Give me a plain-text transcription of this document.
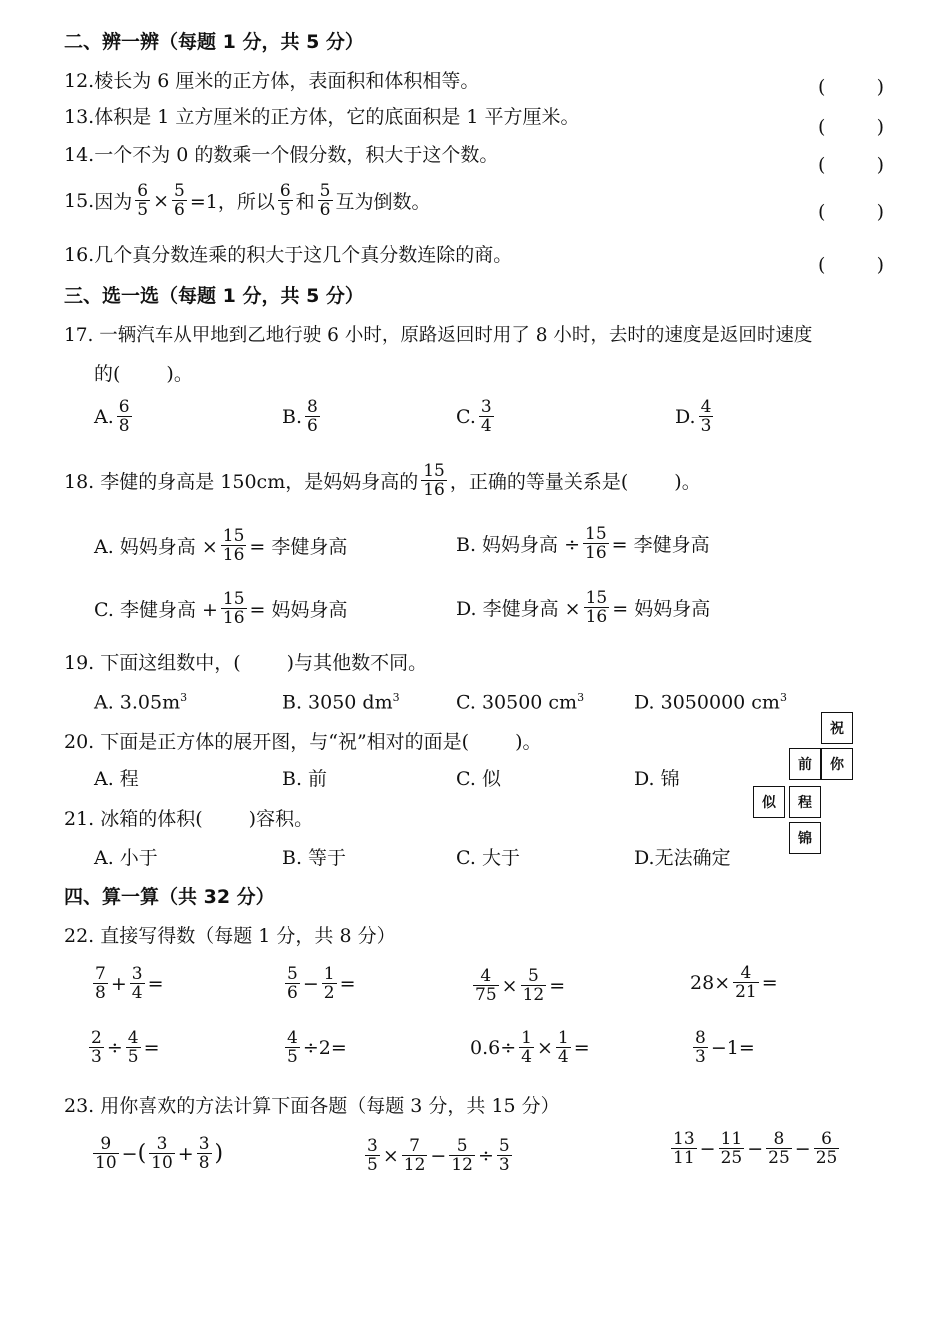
二、辨一辨（每题 1 分，共 5 分）
12.棱长为 6 厘米的正方体，表面积和体积相等。	(	)
13.体积是 1 立方厘米的正方体，它的底面积是 1 平方厘米。	(	)
14.一个不为 0 的数乘一个假分数，积大于这个数。	(	)
15. 因为 $\frac{6}{5} \times \frac{5}{6} =1$，所以 $\frac{6}{5}$ 和 $\frac{5}{6}$ 互为倒数。	(	)
16.几个真分数连乘的积大于这几个真分数连除的商。	(	)
三、选一选（每题 1 分，共 5 分）
17. 一辆汽车从甲地到乙地行驶 6 小时，原路返回时用了 8 小时，去时的速度是返回时速度
的( )。
A. $\frac{6}{8}$	B. $\frac{8}{6}$	C. $\frac{3}{4}$	D. $\frac{4}{3}$
18. 李健的身高是 150cm，是妈妈身高的 $\frac{15}{16}$ ，正确的等量关系是( )。
A. 妈妈身高 × $\frac{15}{16}$ = 李健身高	B. 妈妈身高 ÷ $\frac{15}{16}$ = 李健身高
C. 李健身高 + $\frac{15}{16}$ = 妈妈身高	D. 李健身高 × $\frac{15}{16}$ = 妈妈身高
19. 下面这组数中，( )与其他数不同。
A. $3.05m^3$	B. 3050 $dm^3$	C. 30500 $cm^3$	D. 3050000 $cm^3$
20. 下面是正方体的展开图，与“祝”相对的面是( )。
A. 程	B. 前	C. 似	D. 锦
祝
前	你
似	程
锦
21. 冰箱的体积( )容积。
A. 小于	B. 等于	C. 大于	D.无法确定
四、算一算（共 32 分）
22. 直接写得数（每题 1 分，共 8 分）
$\frac{7}{8} + \frac{3}{4}$ =	$\frac{5}{6} - \frac{1}{2}$ =	$\frac{4}{75} \times \frac{5}{12}$ =	$28 \times \frac{4}{21}$ =
$\frac{2}{3} \div \frac{4}{5}$ =	$\frac{4}{5} \div 2$ =	$0.6 \div \frac{1}{4} \times \frac{1}{4}$ =	$\frac{8}{3} - 1$ =
23. 用你喜欢的方法计算下面各题（每题 3 分，共 15 分）
$\frac{9}{10}$ − ( $\frac{3}{10} + \frac{3}{8}$ )	$\frac{3}{5} \times \frac{7}{12} - \frac{5}{12} \div \frac{5}{3}$	$\frac{13}{11} - \frac{11}{25} - \frac{8}{25} - \frac{6}{25}$
